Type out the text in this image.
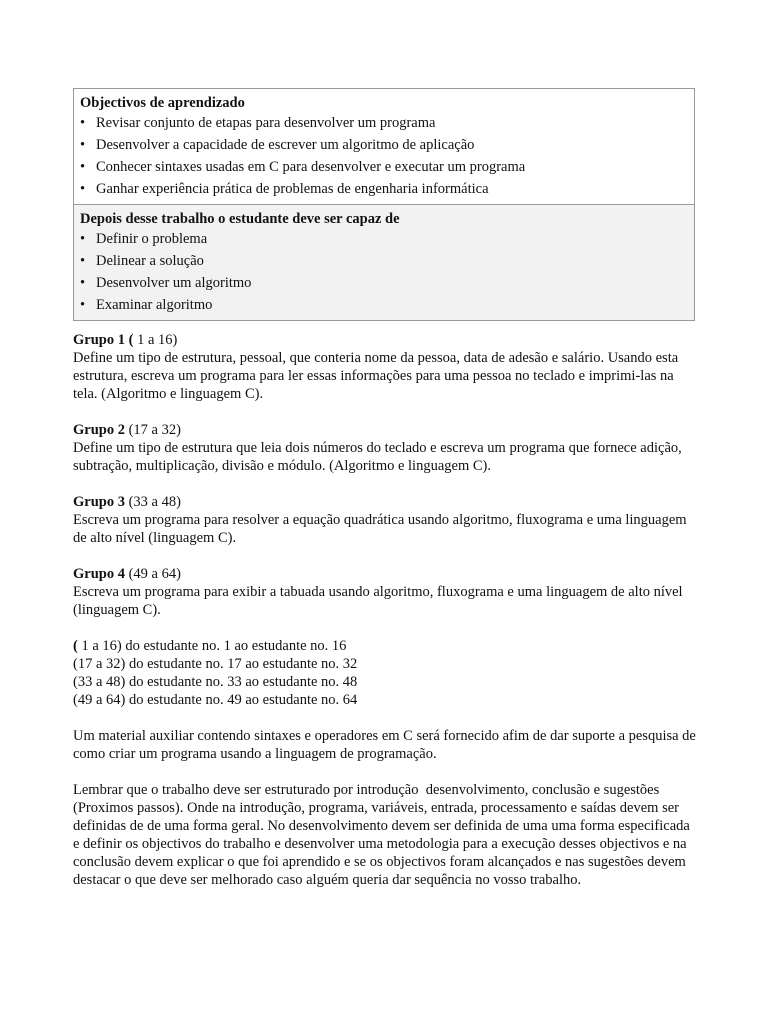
Objectivos de aprendizado
• Revisar conjunto de etapas para desenvolver um programa
• Desenvolver a capacidade de escrever um algoritmo de aplicação
• Conhecer sintaxes usadas em C para desenvolver e executar um programa
• Ganhar experiência prática de problemas de engenharia informática
Depois desse trabalho o estudante deve ser capaz de
• Definir o problema
• Delinear a solução
• Desenvolver um algoritmo
• Examinar algoritmo

Grupo 1 ( 1 a 16)

Define um tipo de estrutura, pessoal, que conteria nome da pessoa, data de adesão e salário. Usando esta estrutura, escreva um programa para ler essas informações para uma pessoa no teclado e imprimi-las na tela. (Algoritmo e linguagem C).

Grupo 2 (17 a 32)

Define um tipo de estrutura que leia dois números do teclado e escreva um programa que fornece adição, subtração, multiplicação, divisão e módulo. (Algoritmo e linguagem C).

Grupo 3 (33 a 48)

Escreva um programa para resolver a equação quadrática usando algoritmo, fluxograma e uma linguagem de alto nível (linguagem C).

Grupo 4 (49 a 64)

Escreva um programa para exibir a tabuada usando algoritmo, fluxograma e uma linguagem de alto nível (linguagem C).

( 1 a 16) do estudante no. 1 ao estudante no. 16

(17 a 32) do estudante no. 17 ao estudante no. 32

(33 a 48) do estudante no. 33 ao estudante no. 48

(49 a 64) do estudante no. 49 ao estudante no. 64

Um material auxiliar contendo sintaxes e operadores em C será fornecido afim de dar suporte a pesquisa de como criar um programa usando a linguagem de programação.

Lembrar que o trabalho deve ser estruturado por introdução  desenvolvimento, conclusão e sugestões (Proximos passos). Onde na introdução, programa, variáveis, entrada, processamento e saídas devem ser definidas de de uma forma geral. No desenvolvimento devem ser definida de uma uma forma especificada e definir os objectivos do trabalho e desenvolver uma metodologia para a execução desses objectivos e na conclusão devem explicar o que foi aprendido e se os objectivos foram alcançados e nas sugestões devem destacar o que deve ser melhorado caso alguém queria dar sequência no vosso trabalho.
